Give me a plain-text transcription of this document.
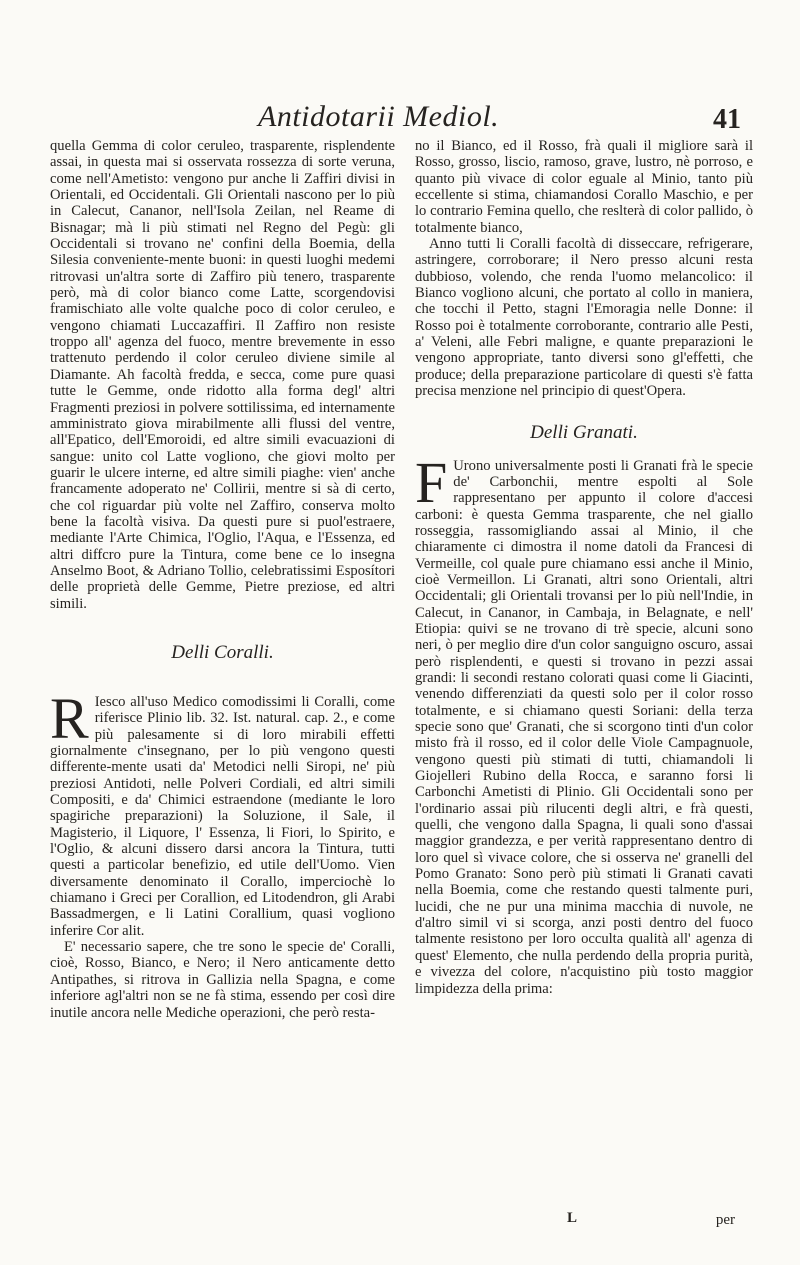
Antidotarii Mediol.	41

quella Gemma di color ceruleo, trasparente, risplendente assai, in questa mai si osservata rossezza di sorte veruna, come nell'Ametisto: vengono pur anche li Zaffiri divisi in Orientali, ed Occidentali. Gli Orientali nascono per lo più in Calecut, Cananor, nell'Isola Zeilan, nel Reame di Bisnagar; mà li più stimati nel Regno del Pegù: gli Occidentali si trovano ne' confini della Boemia, della Silesia conveniente-mente buoni: in questi luoghi medemi ritrovasi un'altra sorte di Zaffiro più tenero, trasparente però, mà di color bianco come Latte, scorgendovisi framischiato alle volte qualche poco di color ceruleo, e vengono chiamati Luccazaffiri. Il Zaffiro non resiste troppo all' agenza del fuoco, mentre brevemente in esso trattenuto perdendo il color ceruleo diviene simile al Diamante. Ah facoltà fredda, e secca, come pure quasi tutte le Gemme, onde ridotto alla forma degl' altri Fragmenti preziosi in polvere sottilissima, ed internamente amministrato giova mirabilmente alli flussi del ventre, all'Epatico, dell'Emoroidi, ed altre simili evacuazioni di sangue: unito col Latte vogliono, che giovi molto per guarir le ulcere interne, ed altre simili piaghe: vien' anche francamente adoperato ne' Collirii, mentre si sà di certo, che col riguardar più volte nel Zaffiro, conserva molto bene la facoltà visiva. Da questi pure si puol'estraere, mediante l'Arte Chimica, l'Oglio, l'Aqua, e l'Essenza, ed altri diffcro pure la Tintura, come bene ce lo insegna Anselmo Boot, & Adriano Tollio, celebratissimi Esposítori delle proprietà delle Gemme, Pietre preziose, ed altri simili.

Delli Coralli.

R Iesco all'uso Medico comodissimi li Coralli, come riferisce Plinio lib. 32. Ist. natural. cap. 2., e come più palesamente si di loro mirabili effetti giornalmente c'insegnano, per lo più vengono questi differente-mente usati da' Metodici nelli Siropi, ne' più preziosi Antidoti, nelle Polveri Cordiali, ed altri simili Compositi, e da' Chimici estraendone (mediante le loro spagiriche preparazioni) la Soluzione, il Sale, il Magisterio, il Liquore, l' Essenza, li Fiori, lo Spirito, e l'Oglio, & alcuni dissero darsi ancora la Tintura, tutti questi a particolar benefizio, ed utile dell'Uomo. Vien diversamente denominato il Corallo, imperciochè lo chiamano i Greci per Corallion, ed Litodendron, gli Arabi Bassadmergen, e li Latini Corallium, quasi vogliono inferire Cor alit.

E' necessario sapere, che tre sono le specie de' Coralli, cioè, Rosso, Bianco, e Nero; il Nero anticamente detto Antipathes, si ritrova in Gallizia nella Spagna, e come inferiore agl'altri non se ne fà stima, essendo per così dire inutile ancora nelle Mediche operazioni, che però resta-

no il Bianco, ed il Rosso, frà quali il migliore sarà il Rosso, grosso, liscio, ramoso, grave, lustro, nè porroso, e quanto più vivace di color eguale al Minio, tanto più eccellente si stima, chiamandosi Corallo Maschio, e per lo contrario Femina quello, che reslterà di color pallido, ò totalmente bianco,

Anno tutti li Coralli facoltà di disseccare, refrigerare, astringere, corroborare; il Nero presso alcuni resta dubbioso, volendo, che renda l'uomo melancolico: il Bianco vogliono alcuni, che portato al collo in maniera, che tocchi il Petto, stagni l'Emoragia nelle Donne: il Rosso poi è totalmente corroborante, contrario alle Pesti, a' Veleni, alle Febri maligne, e quante preparazioni le vengono appropriate, tanto diversi sono gl'effetti, che produce; della preparazione particolare di questi s'è fatta precisa menzione nel principio di quest'Opera.

Delli Granati.

F Urono universalmente posti li Granati frà le specie de' Carbonchii, mentre espolti al Sole rappresentano per appunto il colore d'accesi carboni: è questa Gemma trasparente, che nel giallo rosseggia, rassomigliando assai al Minio, il che chiaramente ci dimostra il nome datoli da Francesi di Vermeille, col quale pure chiamano essi anche il Minio, cioè Vermeillon. Li Granati, altri sono Orientali, altri Occidentali; gli Orientali trovansi per lo più nell'Indie, in Calecut, in Cananor, in Cambaja, in Belagnate, e nell' Etiopia: quivi se ne trovano di trè specie, alcuni sono neri, ò per meglio dire d'un color sanguigno oscuro, assai però risplendenti, e questi si trovano in pezzi assai grandi: li secondi restano colorati quasi come li Giacinti, venendo differenziati da questi solo per il color rosso totalmente, e si chiamano questi Soriani: della terza specie sono que' Granati, che si scorgono tinti d'un color misto frà il rosso, ed il color delle Viole Campagnuole, vengono questi più stimati di tutti, chiamandoli li Giojelleri Rubino della Rocca, e saranno forsi li Carbonchi Ametisti di Plinio. Gli Occidentali sono per l'ordinario assai più rilucenti degli altri, e frà questi, quelli, che vengono dalla Spagna, li quali sono d'assai maggior grandezza, e per verità rappresentano dentro di loro quel sì vivace colore, che si osserva ne' granelli del Pomo Granato: Sono però più stimati li Granati cavati nella Boemia, come che restando questi talmente puri, lucidi, che ne pur una minima macchia di nuvole, ne d'altro simil vi si scorga, anzi posti dentro del fuoco talmente resistono per loro occulta qualità all' agenza di quest' Elemento, che nulla perdendo della propria purità, e vivezza del colore, n'acquistino più tosto maggior limpidezza della prima:

L	per
